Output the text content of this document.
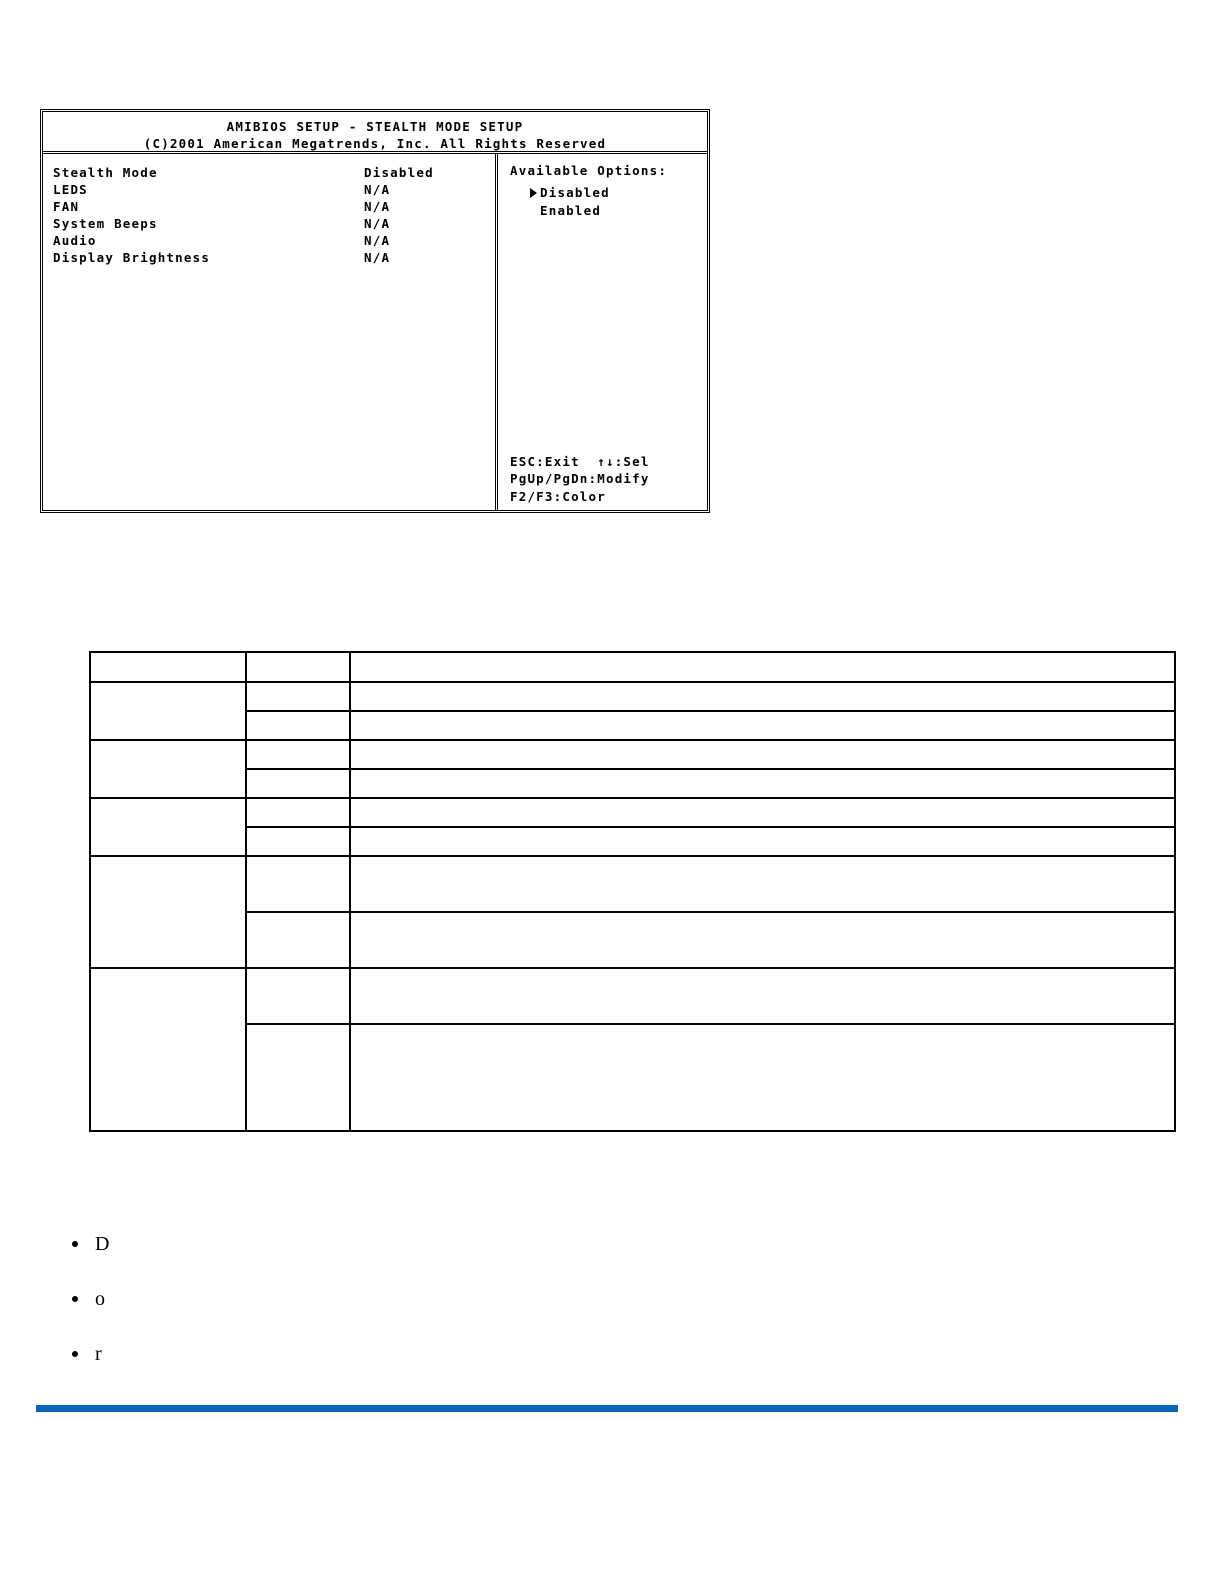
AMIBIOS SETUP - STEALTH MODE SETUP
(C)2001 American Megatrends, Inc. All Rights Reserved
Stealth Mode	Disabled
LEDS	N/A
FAN	N/A
System Beeps	N/A
Audio	N/A
Display Brightness	N/A
Available Options:
Disabled
Enabled
ESC:Exit  ↑↓:Sel
PgUp/PgDn:Modify
F2/F3:Color

D
o
r
